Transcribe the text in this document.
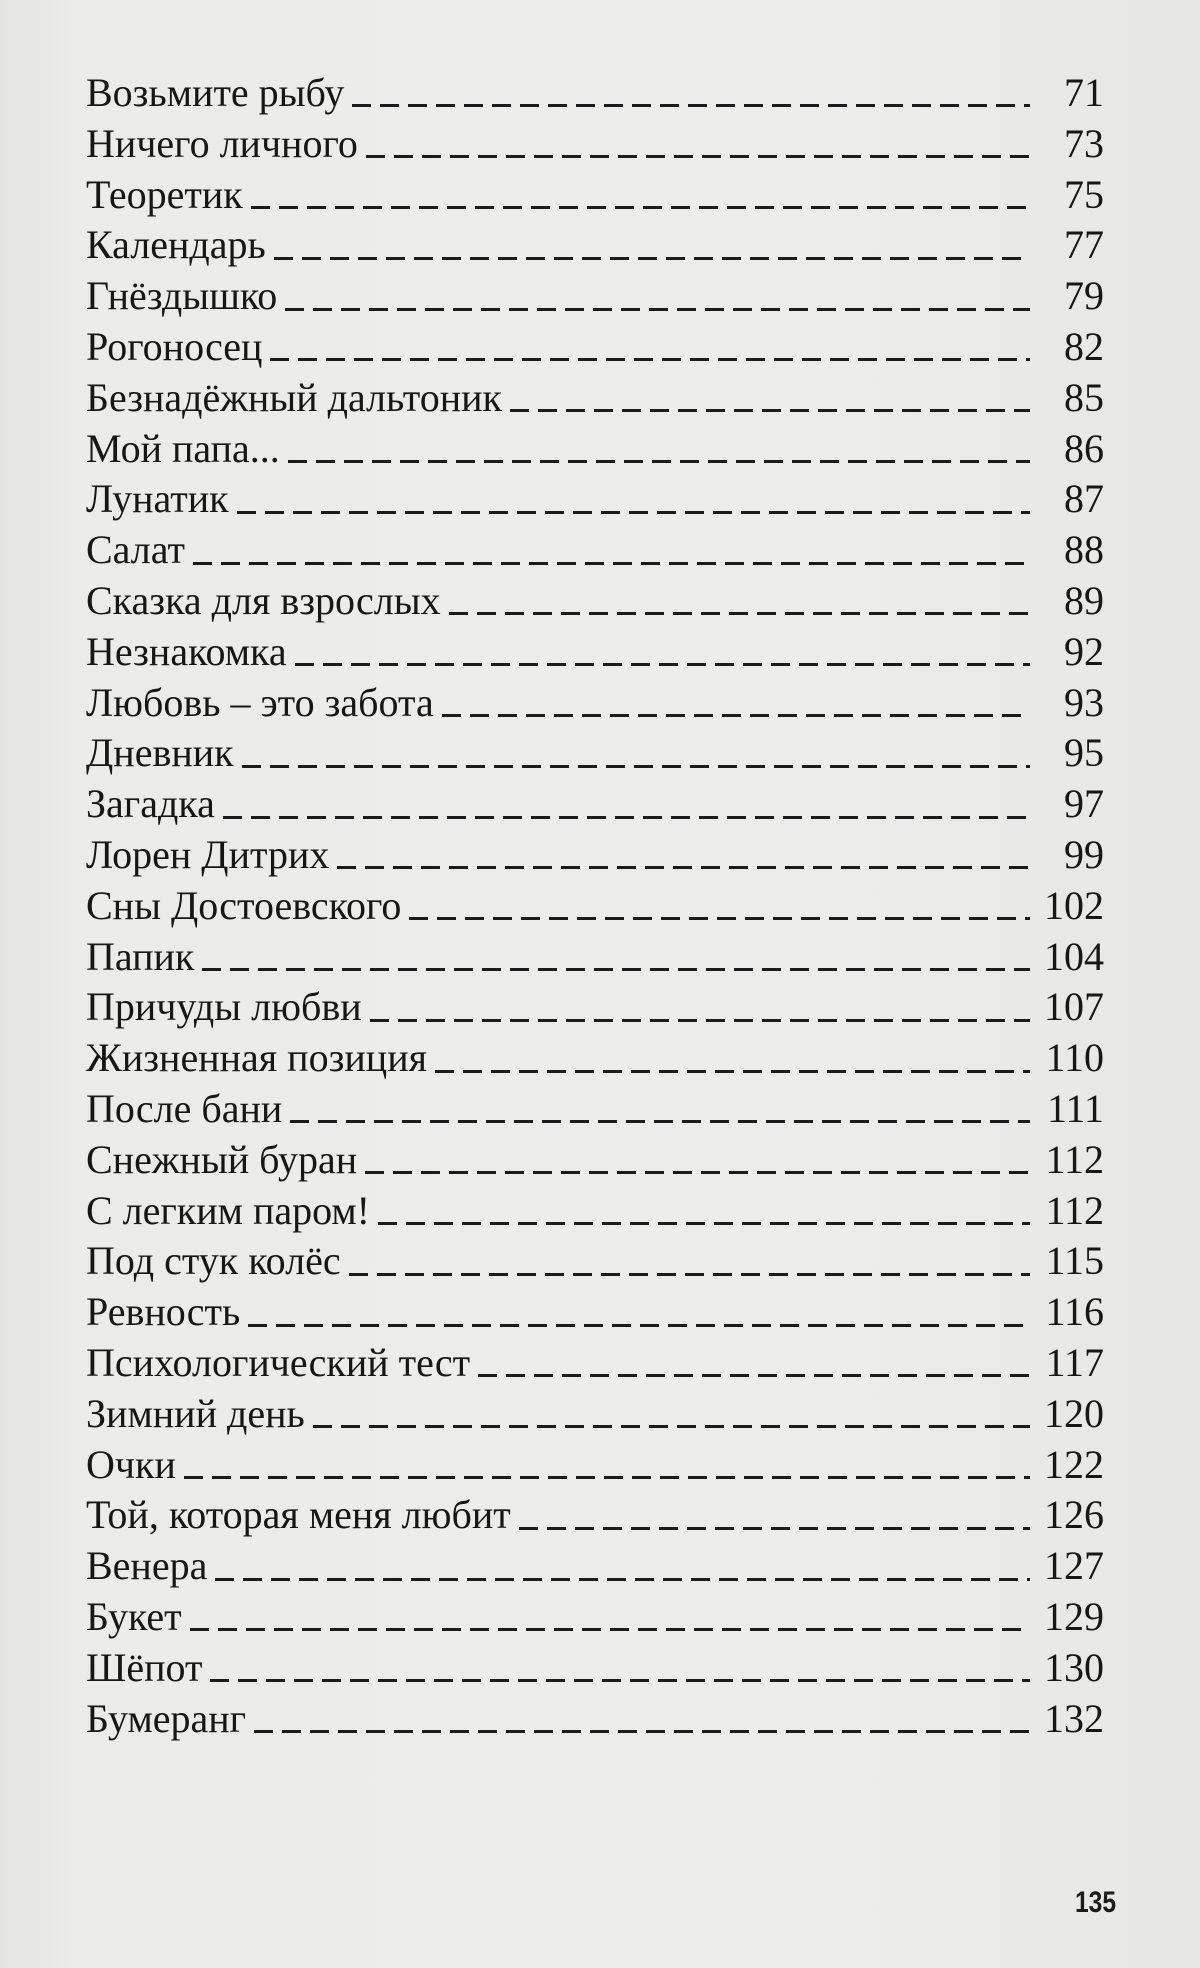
Возьмите рыбу	71
Ничего личного	73
Теоретик	75
Календарь	77
Гнёздышко	79
Рогоносец	82
Безнадёжный дальтоник	85
Мой папа...	86
Лунатик	87
Салат	88
Сказка для взрослых	89
Незнакомка	92
Любовь – это забота	93
Дневник	95
Загадка	97
Лорен Дитрих	99
Сны Достоевского	102
Папик	104
Причуды любви	107
Жизненная позиция	110
После бани	111
Снежный буран	112
С легким паром!	112
Под стук колёс	115
Ревность	116
Психологический тест	117
Зимний день	120
Очки	122
Той, которая меня любит	126
Венера	127
Букет	129
Шёпот	130
Бумеранг	132
135
